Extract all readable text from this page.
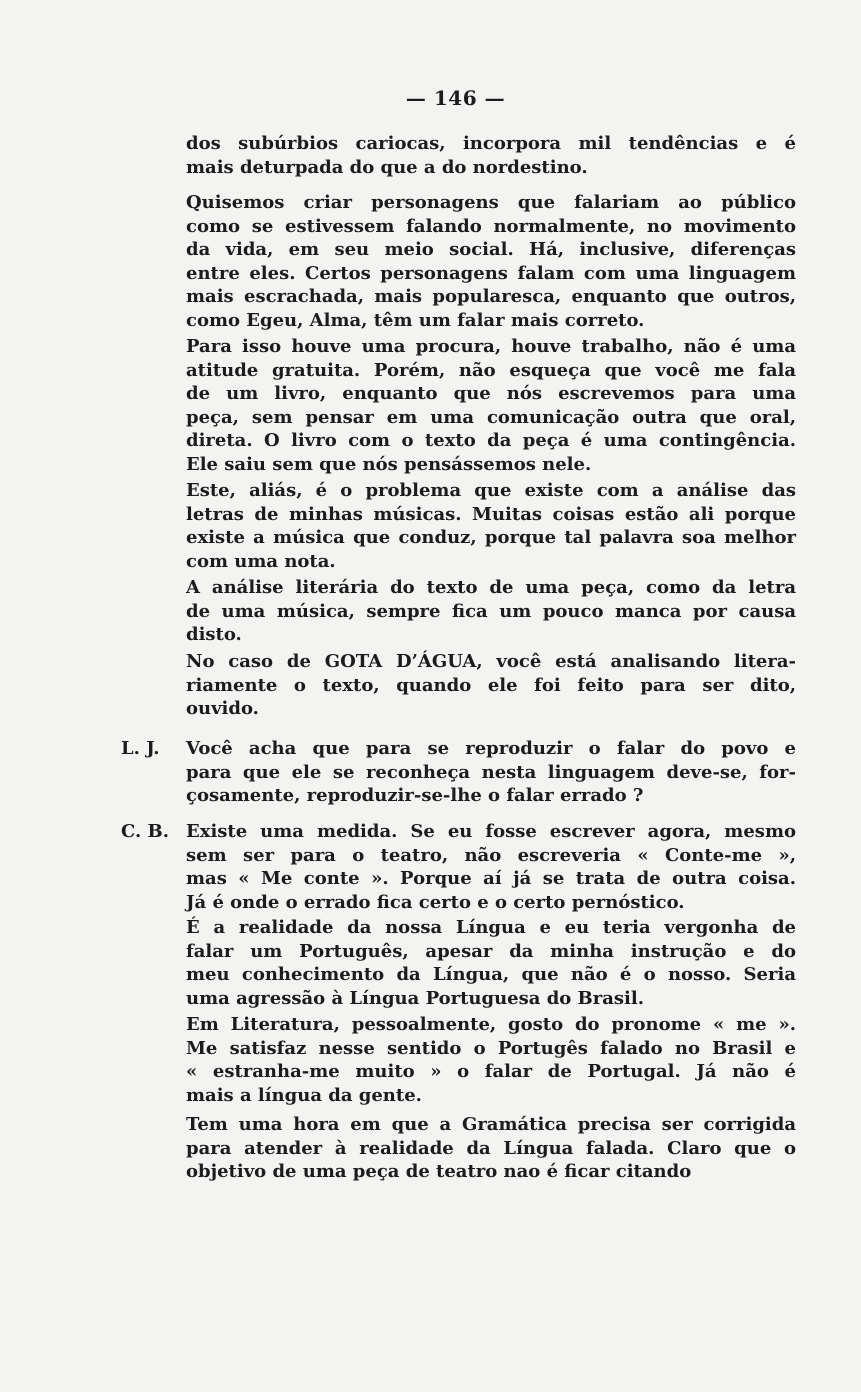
— 146 —
dos subúrbios cariocas, incorpora mil tendências e é
mais deturpada do que a do nordestino.
Quisemos criar personagens que falariam ao público
como se estivessem falando normalmente, no movimento
da vida, em seu meio social. Há, inclusive, diferenças
entre eles. Certos personagens falam com uma linguagem
mais escrachada, mais popularesca, enquanto que outros,
como Egeu, Alma, têm um falar mais correto.
Para isso houve uma procura, houve trabalho, não é uma
atitude gratuita. Porém, não esqueça que você me fala
de um livro, enquanto que nós escrevemos para uma
peça, sem pensar em uma comunicação outra que oral,
direta. O livro com o texto da peça é uma contingência.
Ele saiu sem que nós pensássemos nele.
Este, aliás, é o problema que existe com a análise das
letras de minhas músicas. Muitas coisas estão ali porque
existe a música que conduz, porque tal palavra soa melhor
com uma nota.
A análise literária do texto de uma peça, como da letra
de uma música, sempre fica um pouco manca por causa
disto.
No caso de GOTA D’ÁGUA, você está analisando litera-
riamente o texto, quando ele foi feito para ser dito,
ouvido.
Você acha que para se reproduzir o falar do povo e
para que ele se reconheça nesta linguagem deve-se, for-
çosamente, reproduzir-se-lhe o falar errado ?
L. J.
Existe uma medida. Se eu fosse escrever agora, mesmo
sem ser para o teatro, não escreveria « Conte-me »,
mas « Me conte ». Porque aí já se trata de outra coisa.
Já é onde o errado fica certo e o certo pernóstico.
C. B.
É a realidade da nossa Língua e eu teria vergonha de
falar um Português, apesar da minha instrução e do
meu conhecimento da Língua, que não é o nosso. Seria
uma agressão à Língua Portuguesa do Brasil.
Em Literatura, pessoalmente, gosto do pronome « me ».
Me satisfaz nesse sentido o Portugês falado no Brasil e
« estranha-me muito » o falar de Portugal. Já não é
mais a língua da gente.
Tem uma hora em que a Gramática precisa ser corrigida
para atender à realidade da Língua falada. Claro que o
objetivo de uma peça de teatro nao é ficar citando
